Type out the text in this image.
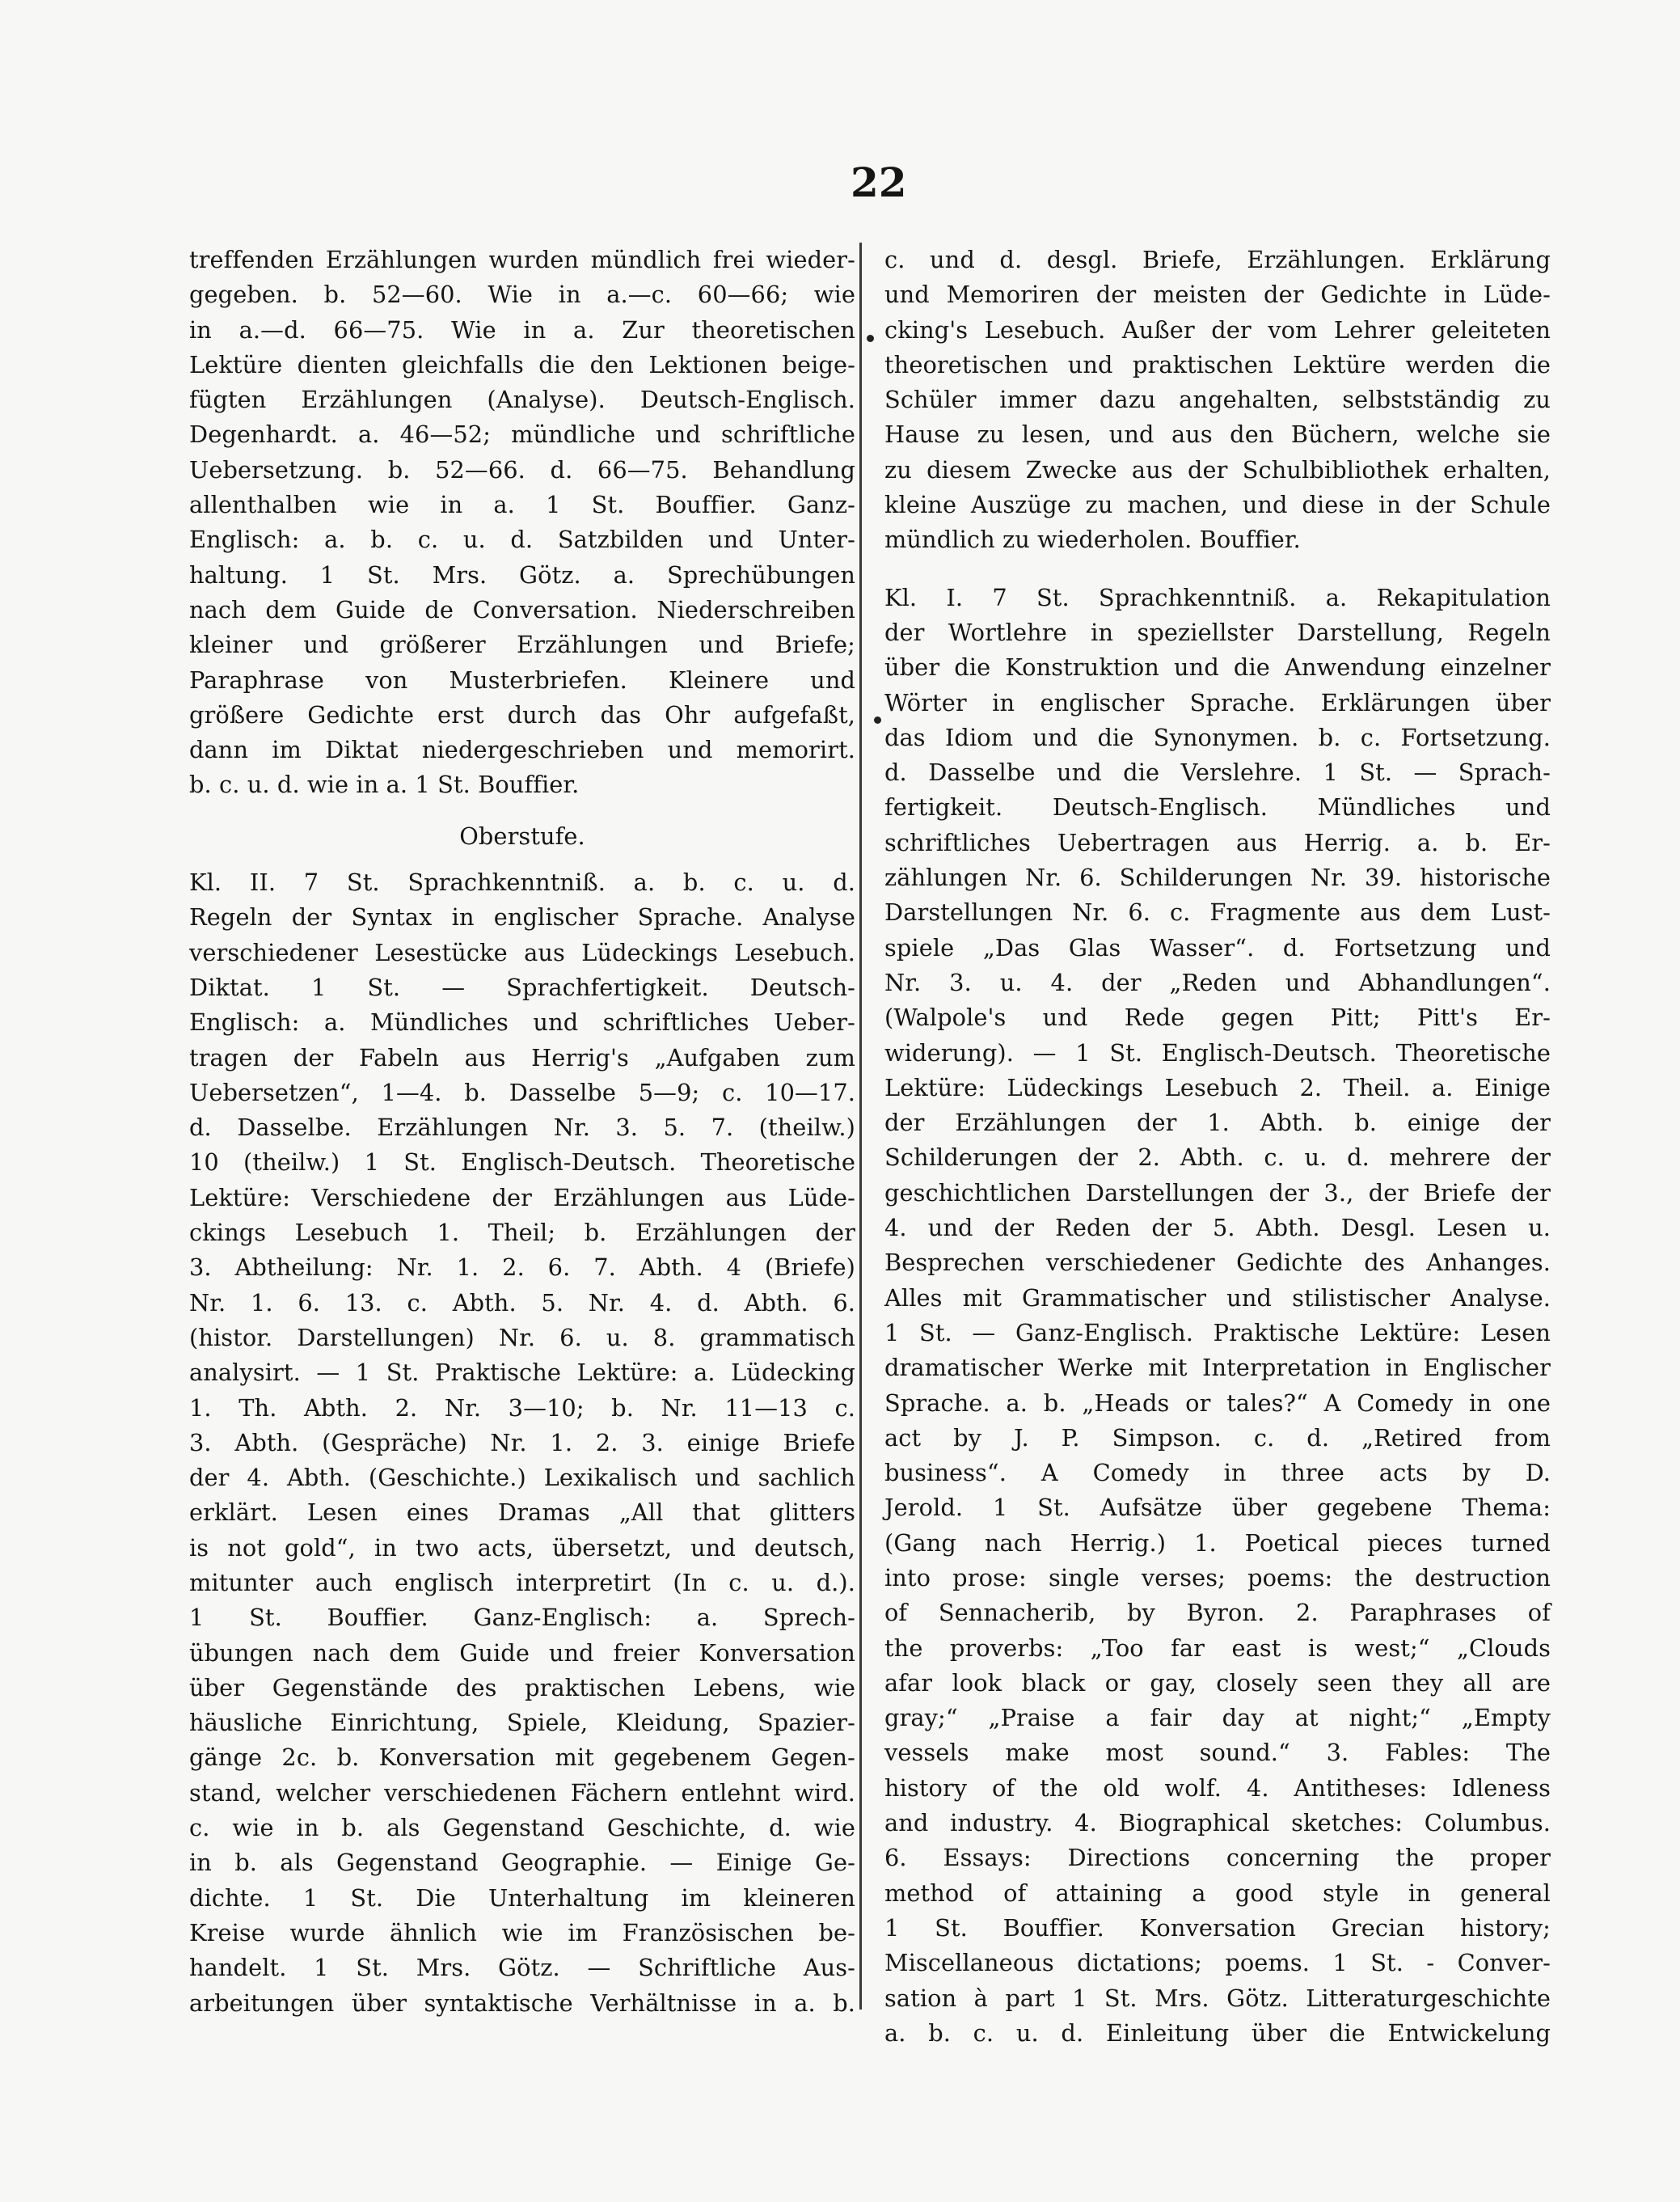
22
treffenden Erzählungen wurden mündlich frei wieder-
gegeben. b. 52—60. Wie in a.—c. 60—66; wie
in a.—d. 66—75. Wie in a. Zur theoretischen
Lektüre dienten gleichfalls die den Lektionen beige-
fügten Erzählungen (Analyse). Deutsch-Englisch.
Degenhardt. a. 46—52; mündliche und schriftliche
Uebersetzung. b. 52—66. d. 66—75. Behandlung
allenthalben wie in a. 1 St. Bouffier. Ganz-
Englisch: a. b. c. u. d. Satzbilden und Unter-
haltung. 1 St. Mrs. Götz. a. Sprechübungen
nach dem Guide de Conversation. Niederschreiben
kleiner und größerer Erzählungen und Briefe;
Paraphrase von Musterbriefen. Kleinere und
größere Gedichte erst durch das Ohr aufgefaßt,
dann im Diktat niedergeschrieben und memorirt.
b. c. u. d. wie in a. 1 St. Bouffier.
Oberstufe.
Kl. II. 7 St. Sprachkenntniß. a. b. c. u. d.
Regeln der Syntax in englischer Sprache. Analyse
verschiedener Lesestücke aus Lüdeckings Lesebuch.
Diktat. 1 St. — Sprachfertigkeit. Deutsch-
Englisch: a. Mündliches und schriftliches Ueber-
tragen der Fabeln aus Herrig's „Aufgaben zum
Uebersetzen“, 1—4. b. Dasselbe 5—9; c. 10—17.
d. Dasselbe. Erzählungen Nr. 3. 5. 7. (theilw.)
10 (theilw.) 1 St. Englisch-Deutsch. Theoretische
Lektüre: Verschiedene der Erzählungen aus Lüde-
ckings Lesebuch 1. Theil; b. Erzählungen der
3. Abtheilung: Nr. 1. 2. 6. 7. Abth. 4 (Briefe)
Nr. 1. 6. 13. c. Abth. 5. Nr. 4. d. Abth. 6.
(histor. Darstellungen) Nr. 6. u. 8. grammatisch
analysirt. — 1 St. Praktische Lektüre: a. Lüdecking
1. Th. Abth. 2. Nr. 3—10; b. Nr. 11—13 c.
3. Abth. (Gespräche) Nr. 1. 2. 3. einige Briefe
der 4. Abth. (Geschichte.) Lexikalisch und sachlich
erklärt. Lesen eines Dramas „All that glitters
is not gold“, in two acts, übersetzt, und deutsch,
mitunter auch englisch interpretirt (In c. u. d.).
1 St. Bouffier. Ganz-Englisch: a. Sprech-
übungen nach dem Guide und freier Konversation
über Gegenstände des praktischen Lebens, wie
häusliche Einrichtung, Spiele, Kleidung, Spazier-
gänge 2c. b. Konversation mit gegebenem Gegen-
stand, welcher verschiedenen Fächern entlehnt wird.
c. wie in b. als Gegenstand Geschichte, d. wie
in b. als Gegenstand Geographie. — Einige Ge-
dichte. 1 St. Die Unterhaltung im kleineren
Kreise wurde ähnlich wie im Französischen be-
handelt. 1 St. Mrs. Götz. — Schriftliche Aus-
arbeitungen über syntaktische Verhältnisse in a. b.
c. und d. desgl. Briefe, Erzählungen. Erklärung
und Memoriren der meisten der Gedichte in Lüde-
cking's Lesebuch. Außer der vom Lehrer geleiteten
theoretischen und praktischen Lektüre werden die
Schüler immer dazu angehalten, selbstständig zu
Hause zu lesen, und aus den Büchern, welche sie
zu diesem Zwecke aus der Schulbibliothek erhalten,
kleine Auszüge zu machen, und diese in der Schule
mündlich zu wiederholen. Bouffier.
Kl. I. 7 St. Sprachkenntniß. a. Rekapitulation
der Wortlehre in speziellster Darstellung, Regeln
über die Konstruktion und die Anwendung einzelner
Wörter in englischer Sprache. Erklärungen über
das Idiom und die Synonymen. b. c. Fortsetzung.
d. Dasselbe und die Verslehre. 1 St. — Sprach-
fertigkeit. Deutsch-Englisch. Mündliches und
schriftliches Uebertragen aus Herrig. a. b. Er-
zählungen Nr. 6. Schilderungen Nr. 39. historische
Darstellungen Nr. 6. c. Fragmente aus dem Lust-
spiele „Das Glas Wasser“. d. Fortsetzung und
Nr. 3. u. 4. der „Reden und Abhandlungen“.
(Walpole's und Rede gegen Pitt; Pitt's Er-
widerung). — 1 St. Englisch-Deutsch. Theoretische
Lektüre: Lüdeckings Lesebuch 2. Theil. a. Einige
der Erzählungen der 1. Abth. b. einige der
Schilderungen der 2. Abth. c. u. d. mehrere der
geschichtlichen Darstellungen der 3., der Briefe der
4. und der Reden der 5. Abth. Desgl. Lesen u.
Besprechen verschiedener Gedichte des Anhanges.
Alles mit Grammatischer und stilistischer Analyse.
1 St. — Ganz-Englisch. Praktische Lektüre: Lesen
dramatischer Werke mit Interpretation in Englischer
Sprache. a. b. „Heads or tales?“ A Comedy in one
act by J. P. Simpson. c. d. „Retired from
business“. A Comedy in three acts by D.
Jerold. 1 St. Aufsätze über gegebene Thema:
(Gang nach Herrig.) 1. Poetical pieces turned
into prose: single verses; poems: the destruction
of Sennacherib, by Byron. 2. Paraphrases of
the proverbs: „Too far east is west;“ „Clouds
afar look black or gay, closely seen they all are
gray;“ „Praise a fair day at night;“ „Empty
vessels make most sound.“ 3. Fables: The
history of the old wolf. 4. Antitheses: Idleness
and industry. 4. Biographical sketches: Columbus.
6. Essays: Directions concerning the proper
method of attaining a good style in general
1 St. Bouffier. Konversation Grecian history;
Miscellaneous dictations; poems. 1 St. - Conver-
sation à part 1 St. Mrs. Götz. Litteraturgeschichte
a. b. c. u. d. Einleitung über die Entwickelung
